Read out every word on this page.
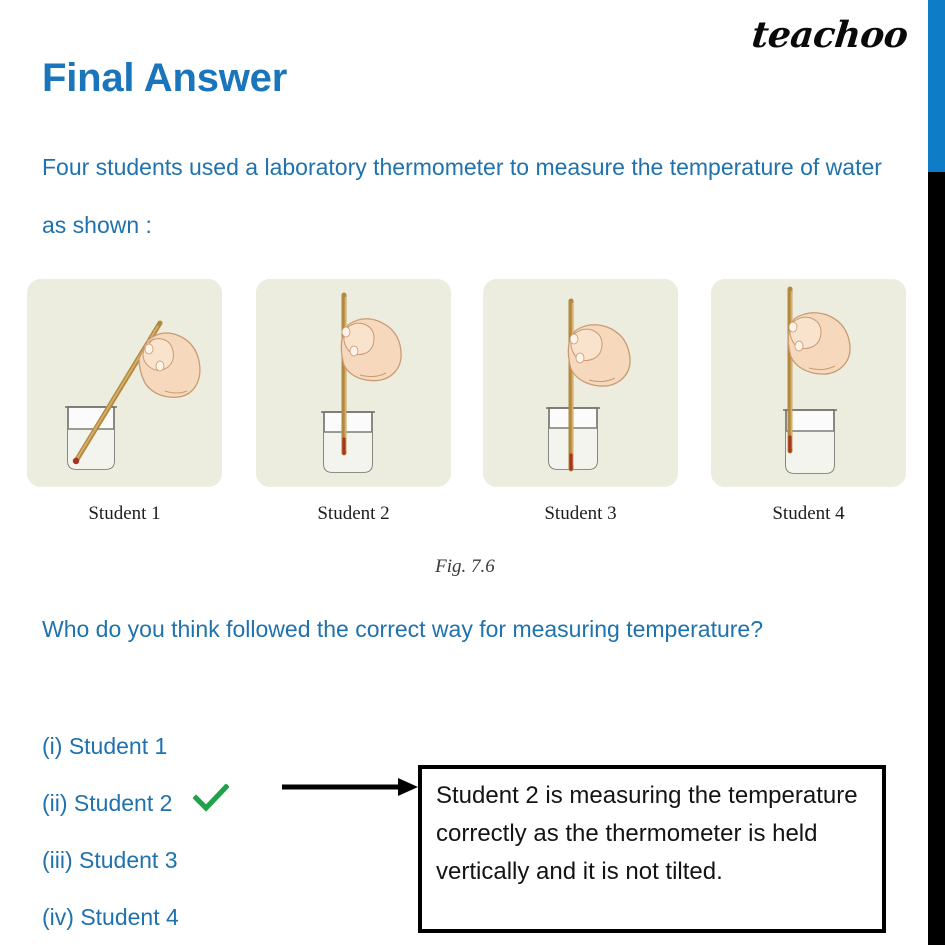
teachoo
Final Answer
Four students used a laboratory thermometer to measure the temperature of water as shown :
Student 1	Student 2	Student 3	Student 4
Fig. 7.6
Who do you think followed the correct way for measuring temperature?
(i) Student 1
(ii) Student 2
(iii) Student 3
(iv) Student 4

Student 2 is measuring the temperature correctly as the thermometer is held vertically and it is not tilted.
